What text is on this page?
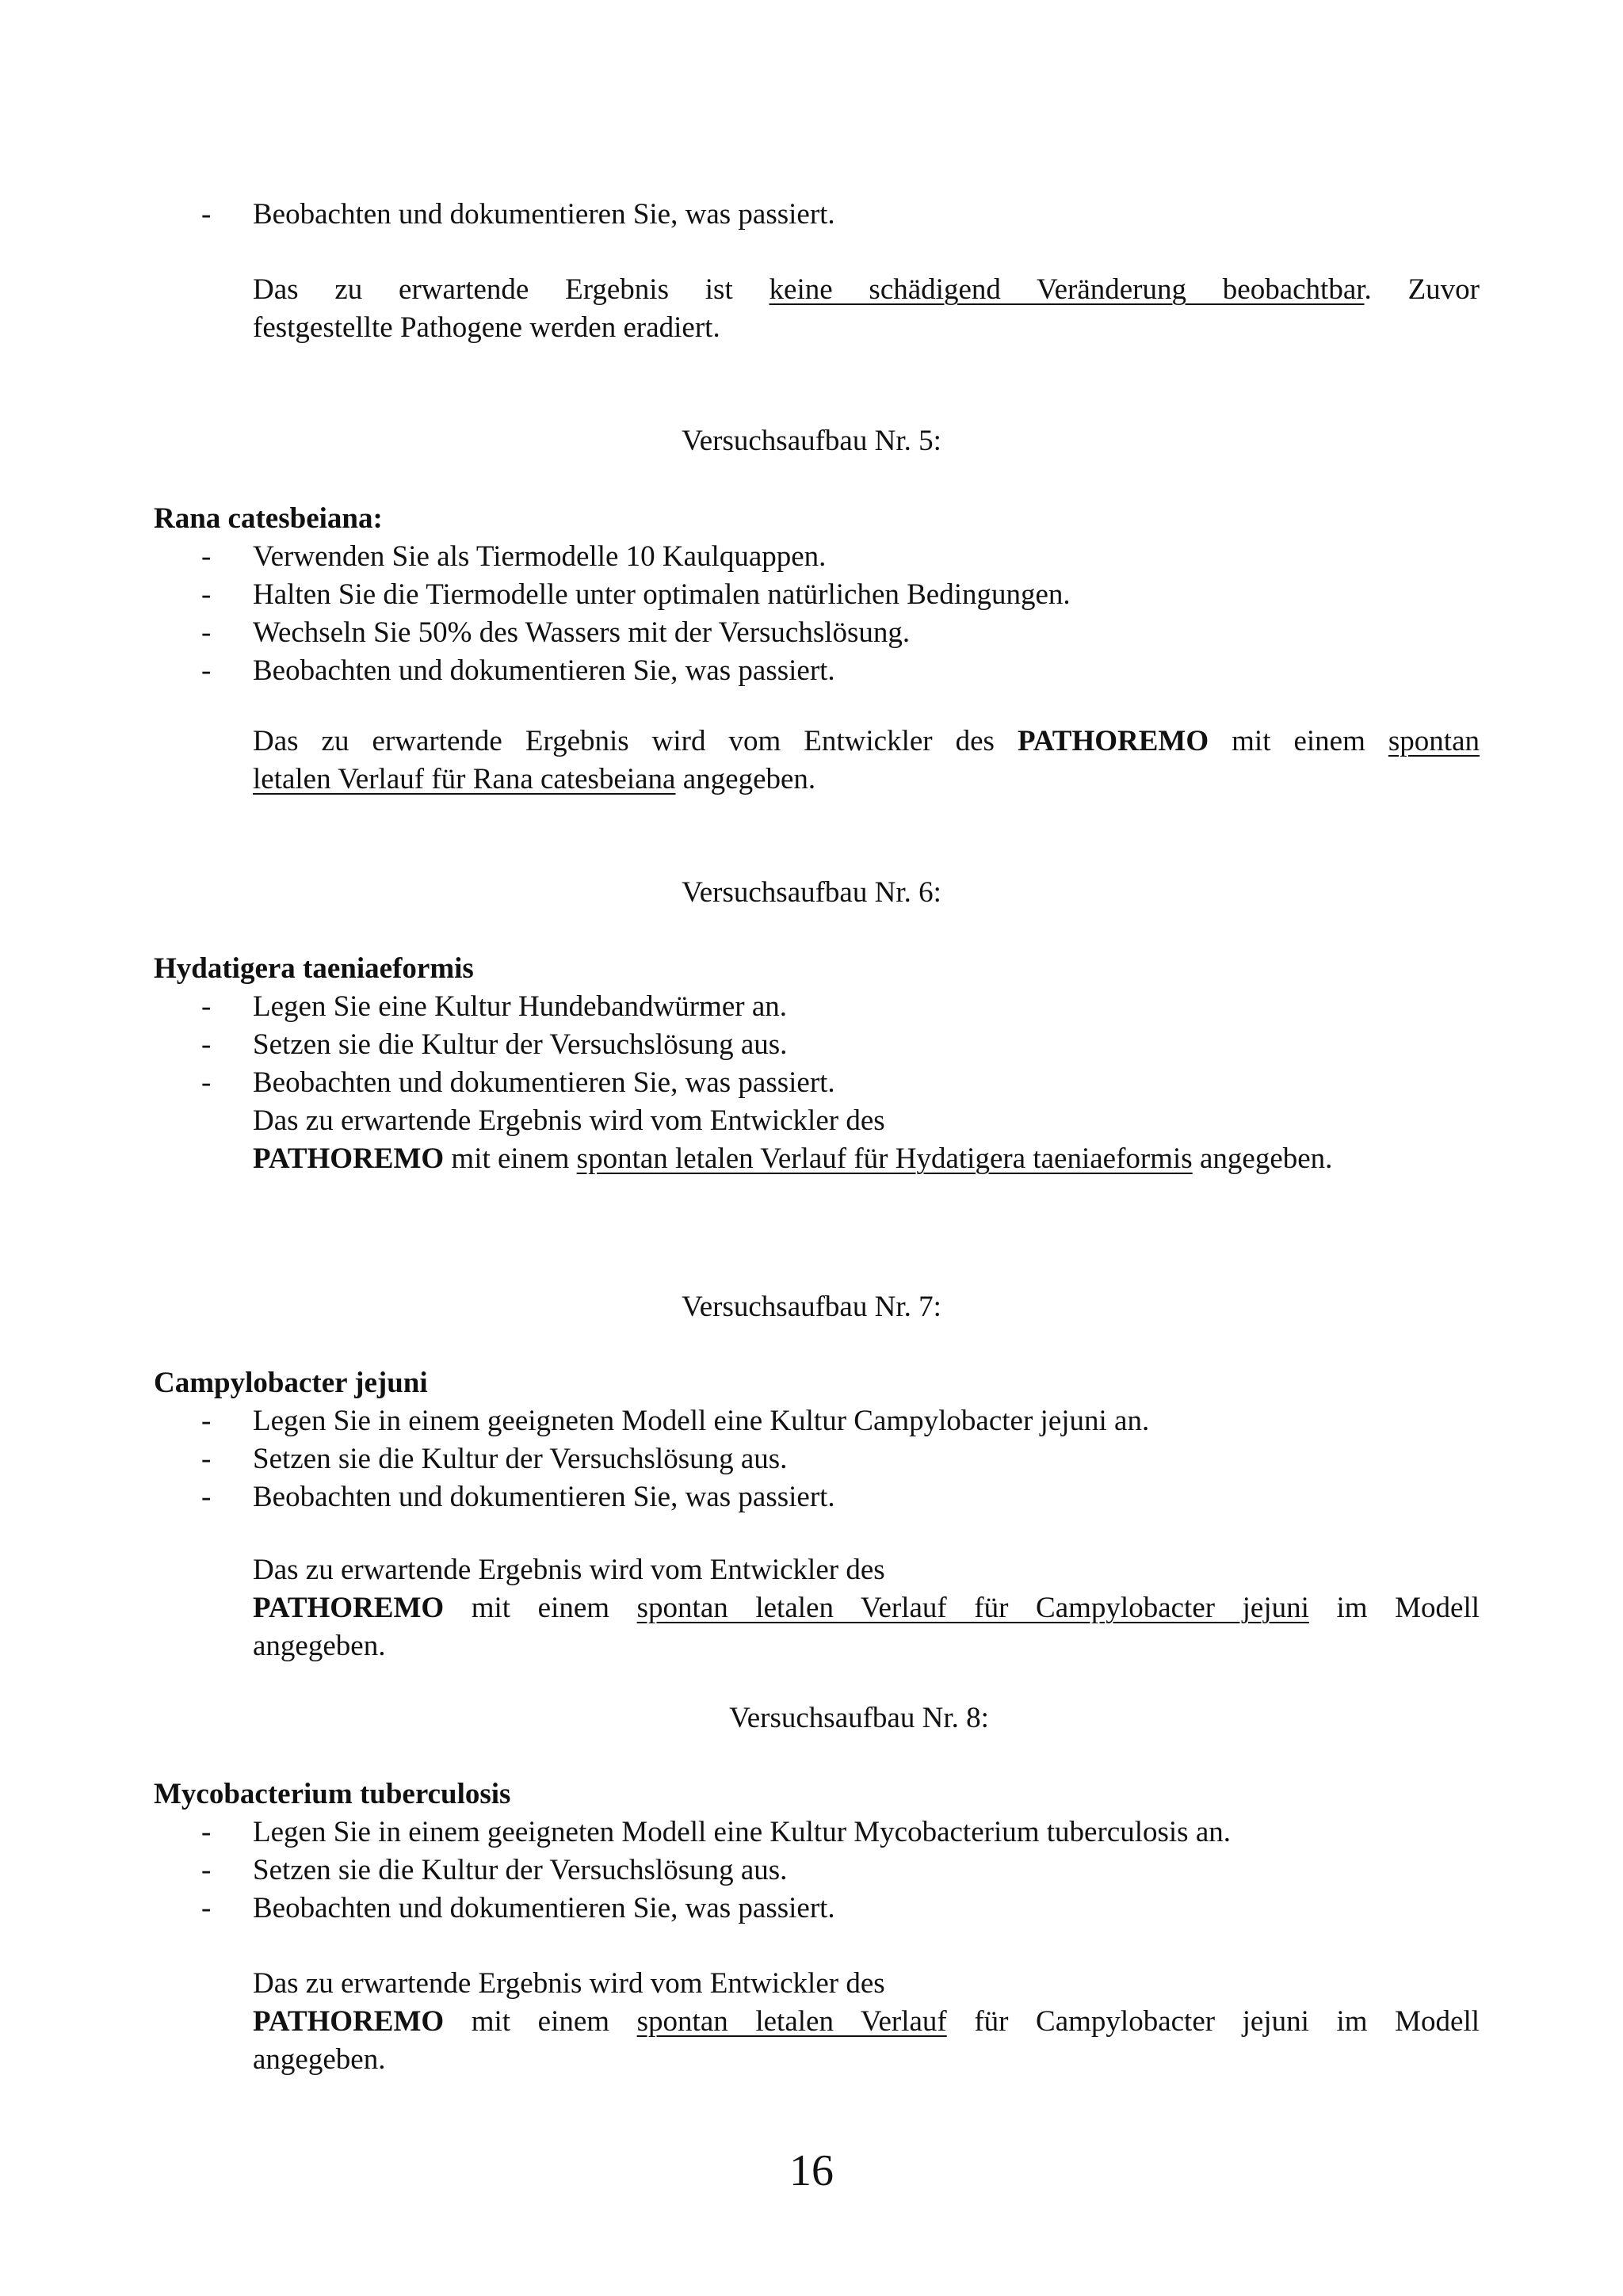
- Beobachten und dokumentieren Sie, was passiert.

Das zu erwartende Ergebnis ist keine schädigend Veränderung beobachtbar. Zuvor
festgestellte Pathogene werden eradiert.
Versuchsaufbau Nr. 5:
Rana catesbeiana:

- Verwenden Sie als Tiermodelle 10 Kaulquappen.

- Halten Sie die Tiermodelle unter optimalen natürlichen Bedingungen.

- Wechseln Sie 50% des Wassers mit der Versuchslösung.

- Beobachten und dokumentieren Sie, was passiert.

Das zu erwartende Ergebnis wird vom Entwickler des PATHOREMO mit einem spontan
letalen Verlauf für Rana catesbeiana angegeben.
Versuchsaufbau Nr. 6:
Hydatigera taeniaeformis

- Legen Sie eine Kultur Hundebandwürmer an.

- Setzen sie die Kultur der Versuchslösung aus.

- Beobachten und dokumentieren Sie, was passiert.

Das zu erwartende Ergebnis wird vom Entwickler des
PATHOREMO mit einem spontan letalen Verlauf für Hydatigera taeniaeformis angegeben.
Versuchsaufbau Nr. 7:
Campylobacter jejuni

- Legen Sie in einem geeigneten Modell eine Kultur Campylobacter jejuni an.

- Setzen sie die Kultur der Versuchslösung aus.

- Beobachten und dokumentieren Sie, was passiert.

Das zu erwartende Ergebnis wird vom Entwickler des
PATHOREMO mit einem spontan letalen Verlauf für Campylobacter jejuni im Modell
angegeben.
Versuchsaufbau Nr. 8:
Mycobacterium tuberculosis

- Legen Sie in einem geeigneten Modell eine Kultur Mycobacterium tuberculosis an.

- Setzen sie die Kultur der Versuchslösung aus.

- Beobachten und dokumentieren Sie, was passiert.

Das zu erwartende Ergebnis wird vom Entwickler des
PATHOREMO mit einem spontan letalen Verlauf für Campylobacter jejuni im Modell
angegeben.
16
